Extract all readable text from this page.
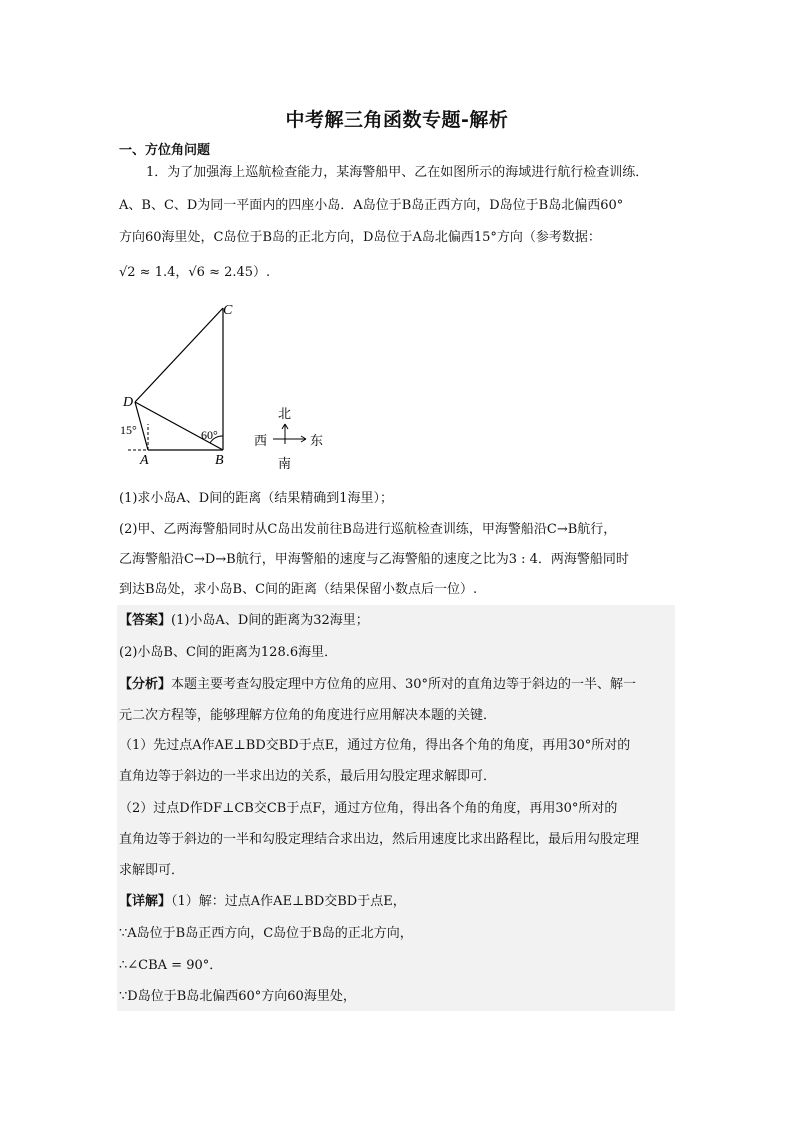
中考解三角函数专题-解析
一、方位角问题
1．为了加强海上巡航检查能力，某海警船甲、乙在如图所示的海域进行航行检查训练．
A、B、C、D为同一平面内的四座小岛．A岛位于B岛正西方向，D岛位于B岛北偏西60°
方向60海里处，C岛位于B岛的正北方向，D岛位于A岛北偏西15°方向（参考数据：
√2 ≈ 1.4，√6 ≈ 2.45）.
C
D
A	B
15°	60°
北
南
西	东
(1)求小岛A、D间的距离（结果精确到1海里）；
(2)甲、乙两海警船同时从C岛出发前往B岛进行巡航检查训练，甲海警船沿C→B航行，
乙海警船沿C→D→B航行，甲海警船的速度与乙海警船的速度之比为3 : 4．两海警船同时
到达B岛处，求小岛B、C间的距离（结果保留小数点后一位）.
【答案】(1)小岛A、D间的距离为32海里；
(2)小岛B、C间的距离为128.6海里．
【分析】本题主要考查勾股定理中方位角的应用、30°所对的直角边等于斜边的一半、解一
元二次方程等，能够理解方位角的角度进行应用解决本题的关键．
（1）先过点A作AE⊥BD交BD于点E，通过方位角，得出各个角的角度，再用30°所对的
直角边等于斜边的一半求出边的关系，最后用勾股定理求解即可．
（2）过点D作DF⊥CB交CB于点F，通过方位角，得出各个角的角度，再用30°所对的
直角边等于斜边的一半和勾股定理结合求出边，然后用速度比求出路程比，最后用勾股定理
求解即可．
【详解】（1）解：过点A作AE⊥BD交BD于点E，
∵A岛位于B岛正西方向，C岛位于B岛的正北方向，
∴∠CBA = 90°．
∵D岛位于B岛北偏西60°方向60海里处，
